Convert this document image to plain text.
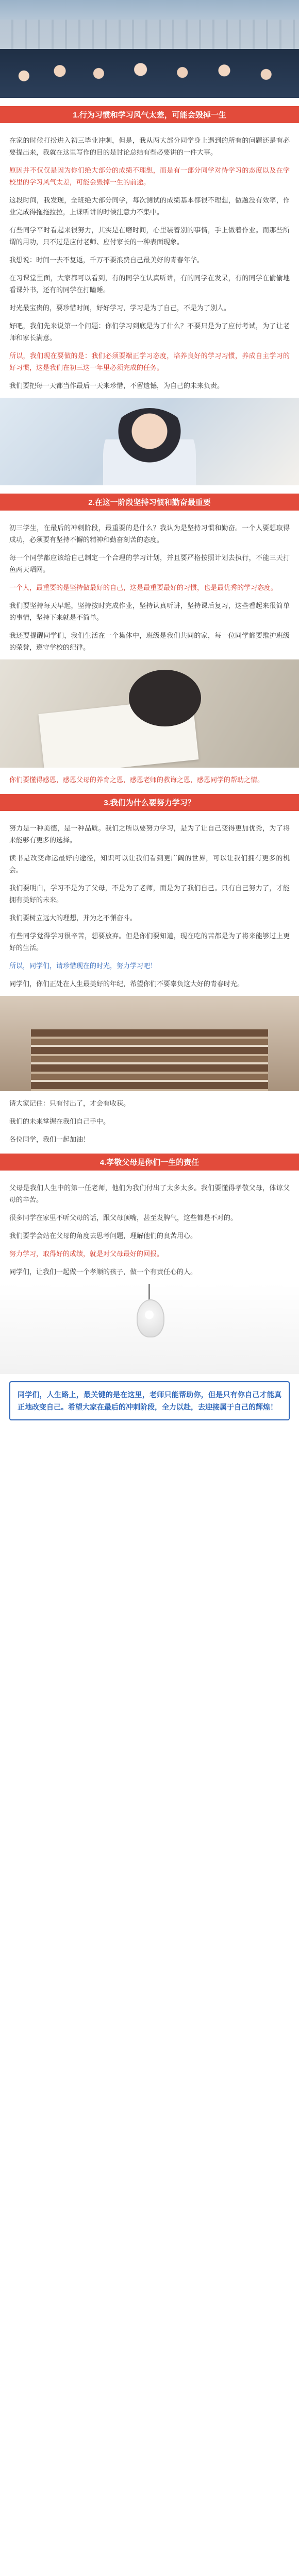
1.行为习惯和学习风气太差，可能会毁掉一生

在家的时候打扮进入初三毕业冲刺，但是，我从两大部分同学身上遇到的所有的问题还是有必要提出来，我就在这里写作的目的是讨论总结有些必要讲的一件大事。

原因并不仅仅是因为你们绝大部分的成绩不理想，而是有一部分同学对待学习的态度以及在学校里的学习风气太差，可能会毁掉一生的前途。

这段时间，我发现，全班绝大部分同学，每次测试的成绩基本都很不理想，做题没有效率，作业完成得拖拖拉拉，上课听讲的时候注意力不集中。

有些同学平时看起来很努力，其实是在磨时间，心里装着别的事情，手上做着作业。而那些所谓的用功，只不过是应付老师、应付家长的一种表面现象。

我想说：时间一去不复返，千万不要浪费自己最美好的青春年华。

在习课堂里面，大家都可以看到，有的同学在认真听讲，有的同学在发呆，有的同学在偷偷地看课外书，还有的同学在打瞌睡。

时光最宝贵的，要珍惜时间，好好学习，学习是为了自己，不是为了别人。

好吧，我们先来说第一个问题：你们学习到底是为了什么？不要只是为了应付考试，为了让老师和家长满意。

所以，我们现在要做的是：我们必须要端正学习态度，培养良好的学习习惯，养成自主学习的好习惯，这是我们在初三这一年里必须完成的任务。

我们要把每一天都当作最后一天来珍惜，不留遗憾，为自己的未来负责。

2.在这一阶段坚持习惯和勤奋最重要

初三学生，在最后的冲刺阶段，最重要的是什么？我认为是坚持习惯和勤奋。一个人要想取得成功，必须要有坚持不懈的精神和勤奋刻苦的态度。

每一个同学都应该给自己制定一个合理的学习计划，并且要严格按照计划去执行，不能三天打鱼两天晒网。

一个人，最重要的是坚持做最好的自己，这是最重要最好的习惯，也是最优秀的学习态度。

我们要坚持每天早起，坚持按时完成作业，坚持认真听讲，坚持课后复习，这些看起来很简单的事情，坚持下来就是不简单。

我还要提醒同学们，我们生活在一个集体中，班级是我们共同的家，每一位同学都要维护班级的荣誉，遵守学校的纪律。

你们要懂得感恩，感恩父母的养育之恩，感恩老师的教诲之恩，感恩同学的帮助之情。

3.我们为什么要努力学习？

努力是一种美德，是一种品质。我们之所以要努力学习，是为了让自己变得更加优秀，为了将来能够有更多的选择。

读书是改变命运最好的途径，知识可以让我们看到更广阔的世界，可以让我们拥有更多的机会。

我们要明白，学习不是为了父母，不是为了老师，而是为了我们自己。只有自己努力了，才能拥有美好的未来。

我们要树立远大的理想，并为之不懈奋斗。

有些同学觉得学习很辛苦，想要放弃。但是你们要知道，现在吃的苦都是为了将来能够过上更好的生活。

所以，同学们，请珍惜现在的时光，努力学习吧！

同学们，你们正处在人生最美好的年纪，希望你们不要辜负这大好的青春时光。

请大家记住：只有付出了，才会有收获。

我们的未来掌握在我们自己手中。

各位同学，我们一起加油！

4.孝敬父母是你们一生的责任

父母是我们人生中的第一任老师，他们为我们付出了太多太多。我们要懂得孝敬父母，体谅父母的辛苦。

很多同学在家里不听父母的话，跟父母顶嘴，甚至发脾气，这些都是不对的。

我们要学会站在父母的角度去思考问题，理解他们的良苦用心。

努力学习，取得好的成绩，就是对父母最好的回报。

同学们，让我们一起做一个孝顺的孩子，做一个有责任心的人。

同学们，人生路上，最关键的是在这里，老师只能帮助你，但是只有你自己才能真正地改变自己。希望大家在最后的冲刺阶段，全力以赴，去迎接属于自己的辉煌！
